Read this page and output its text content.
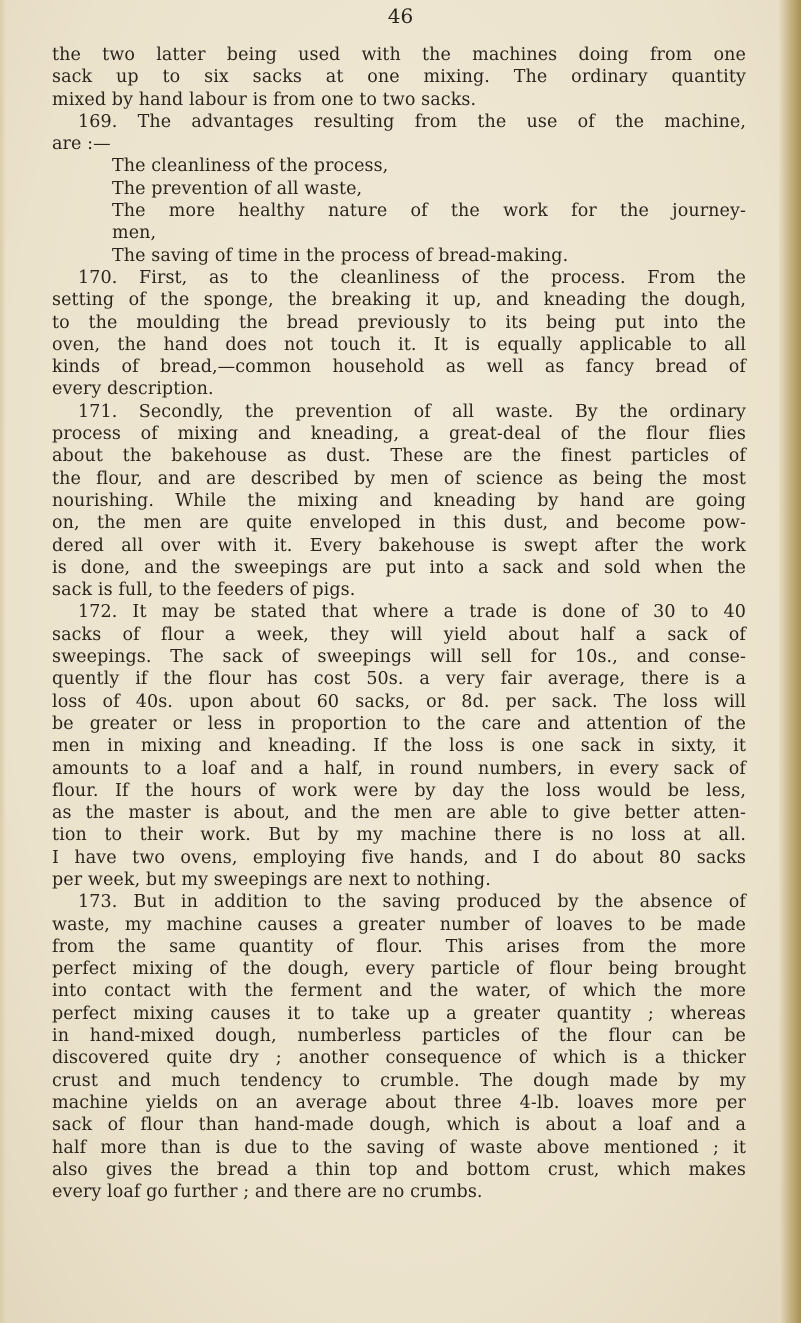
46
the two latter being used with the machines doing from one
sack up to six sacks at one mixing. The ordinary quantity
mixed by hand labour is from one to two sacks.
169. The advantages resulting from the use of the machine,
are :—
The cleanliness of the process,
The prevention of all waste,
The more healthy nature of the work for the journey-
men,
The saving of time in the process of bread-making.
170. First, as to the cleanliness of the process. From the
setting of the sponge, the breaking it up, and kneading the dough,
to the moulding the bread previously to its being put into the
oven, the hand does not touch it. It is equally applicable to all
kinds of bread,—common household as well as fancy bread of
every description.
171. Secondly, the prevention of all waste. By the ordinary
process of mixing and kneading, a great-deal of the flour flies
about the bakehouse as dust. These are the finest particles of
the flour, and are described by men of science as being the most
nourishing. While the mixing and kneading by hand are going
on, the men are quite enveloped in this dust, and become pow-
dered all over with it. Every bakehouse is swept after the work
is done, and the sweepings are put into a sack and sold when the
sack is full, to the feeders of pigs.
172. It may be stated that where a trade is done of 30 to 40
sacks of flour a week, they will yield about half a sack of
sweepings. The sack of sweepings will sell for 10s., and conse-
quently if the flour has cost 50s. a very fair average, there is a
loss of 40s. upon about 60 sacks, or 8d. per sack. The loss will
be greater or less in proportion to the care and attention of the
men in mixing and kneading. If the loss is one sack in sixty, it
amounts to a loaf and a half, in round numbers, in every sack of
flour. If the hours of work were by day the loss would be less,
as the master is about, and the men are able to give better atten-
tion to their work. But by my machine there is no loss at all.
I have two ovens, employing five hands, and I do about 80 sacks
per week, but my sweepings are next to nothing.
173. But in addition to the saving produced by the absence of
waste, my machine causes a greater number of loaves to be made
from the same quantity of flour. This arises from the more
perfect mixing of the dough, every particle of flour being brought
into contact with the ferment and the water, of which the more
perfect mixing causes it to take up a greater quantity ; whereas
in hand-mixed dough, numberless particles of the flour can be
discovered quite dry ; another consequence of which is a thicker
crust and much tendency to crumble. The dough made by my
machine yields on an average about three 4-lb. loaves more per
sack of flour than hand-made dough, which is about a loaf and a
half more than is due to the saving of waste above mentioned ; it
also gives the bread a thin top and bottom crust, which makes
every loaf go further ; and there are no crumbs.
